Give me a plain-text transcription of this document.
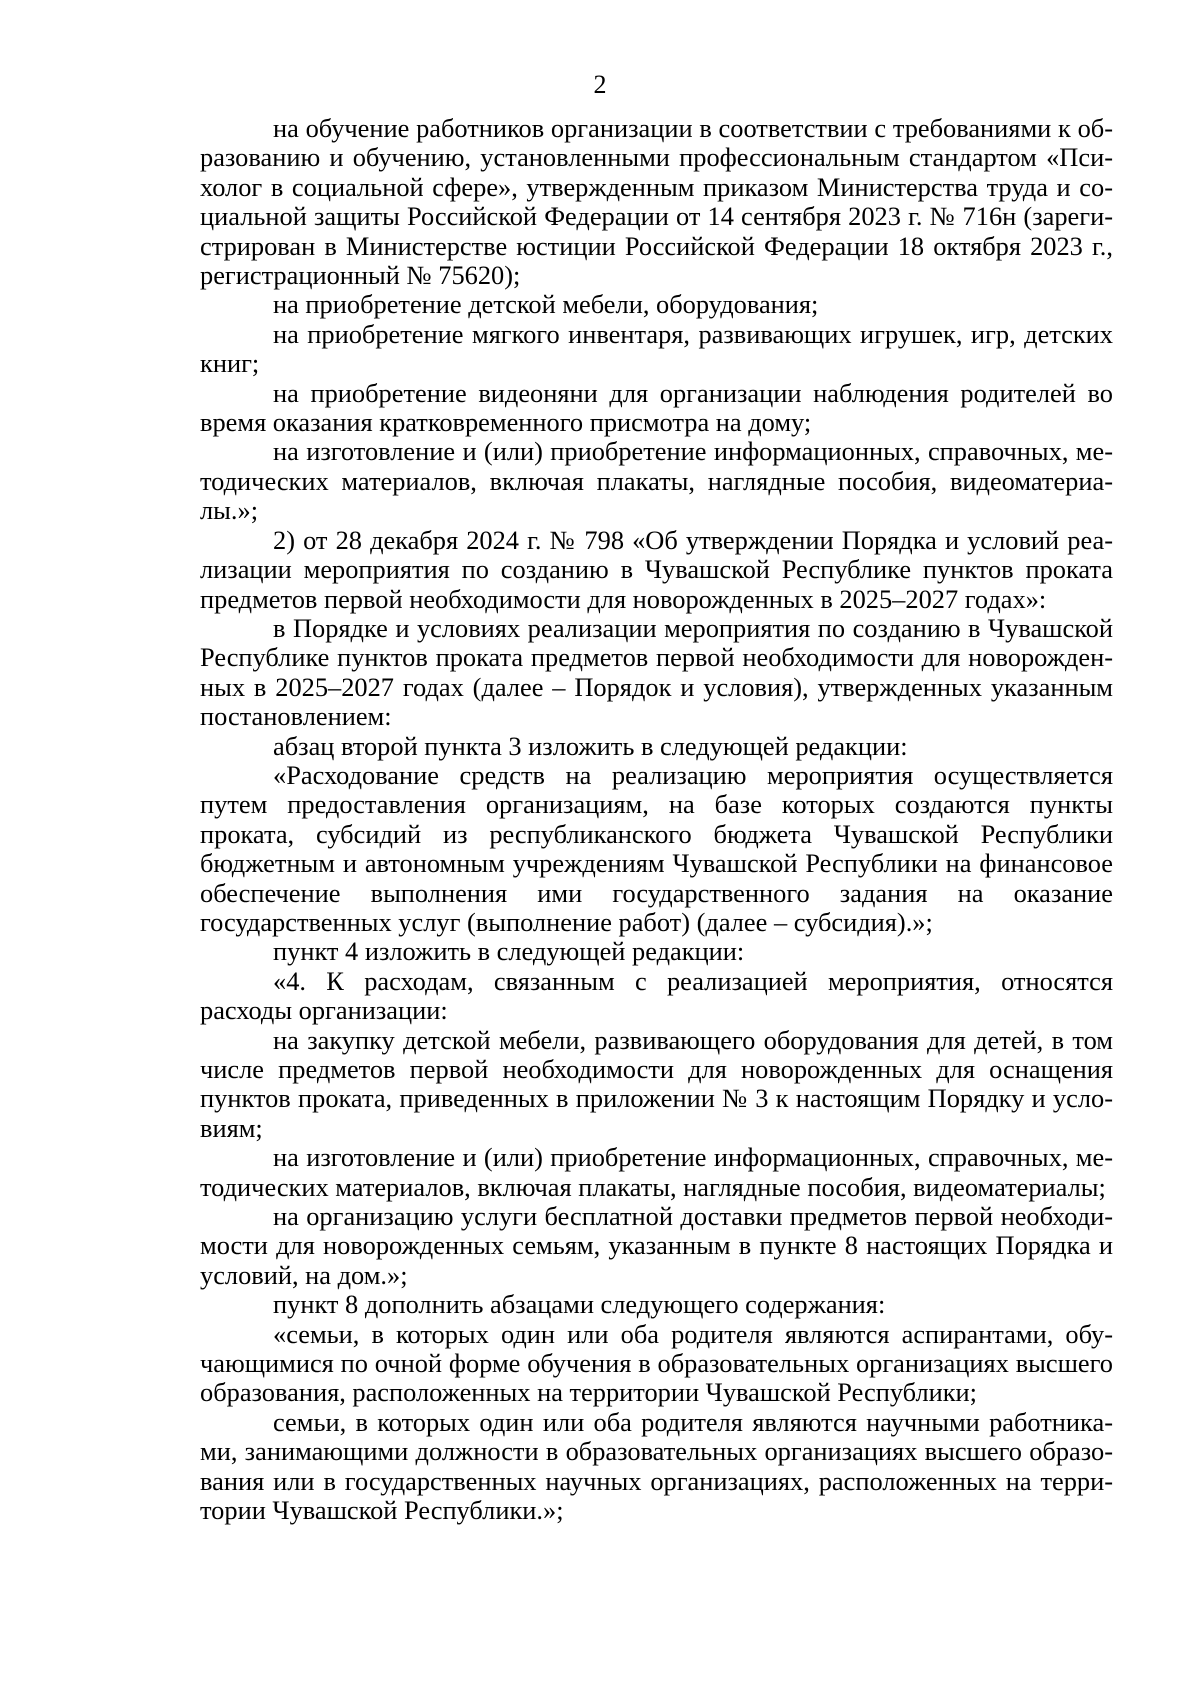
2

на обучение работников организации в соответствии с требованиями к образованию и обучению, установленными профессиональным стандартом «Психолог в социальной сфере», утвержденным приказом Министерства труда и социальной защиты Российской Федерации от 14 сентября 2023 г. № 716н (зарегистрирован в Министерстве юстиции Российской Федерации 18 октября 2023 г., регистрационный № 75620);

на приобретение детской мебели, оборудования;

на приобретение мягкого инвентаря, развивающих игрушек, игр, детских книг;

на приобретение видеоняни для организации наблюдения родителей во время оказания кратковременного присмотра на дому;

на изготовление и (или) приобретение информационных, справочных, методических материалов, включая плакаты, наглядные пособия, видеоматериалы.»;

2) от 28 декабря 2024 г. № 798 «Об утверждении Порядка и условий реализации мероприятия по созданию в Чувашской Республике пунктов проката предметов первой необходимости для новорожденных в 2025–2027 годах»:

в Порядке и условиях реализации мероприятия по созданию в Чувашской Республике пунктов проката предметов первой необходимости для новорожденных в 2025–2027 годах (далее – Порядок и условия), утвержденных указанным постановлением:

абзац второй пункта 3 изложить в следующей редакции:

«Расходование средств на реализацию мероприятия осуществляется путем предоставления организациям, на базе которых создаются пункты проката, субсидий из республиканского бюджета Чувашской Республики бюджетным и автономным учреждениям Чувашской Республики на финансовое обеспечение выполнения ими государственного задания на оказание государственных услуг (выполнение работ) (далее – субсидия).»;

пункт 4 изложить в следующей редакции:

«4. К расходам, связанным с реализацией мероприятия, относятся расходы организации:

на закупку детской мебели, развивающего оборудования для детей, в том числе предметов первой необходимости для новорожденных для оснащения пунктов проката, приведенных в приложении № 3 к настоящим Порядку и условиям;

на изготовление и (или) приобретение информационных, справочных, методических материалов, включая плакаты, наглядные пособия, видеоматериалы;

на организацию услуги бесплатной доставки предметов первой необходимости для новорожденных семьям, указанным в пункте 8 настоящих Порядка и условий, на дом.»;

пункт 8 дополнить абзацами следующего содержания:

«семьи, в которых один или оба родителя являются аспирантами, обучающимися по очной форме обучения в образовательных организациях высшего образования, расположенных на территории Чувашской Республики;

семьи, в которых один или оба родителя являются научными работниками, занимающими должности в образовательных организациях высшего образования или в государственных научных организациях, расположенных на территории Чувашской Республики.»;
